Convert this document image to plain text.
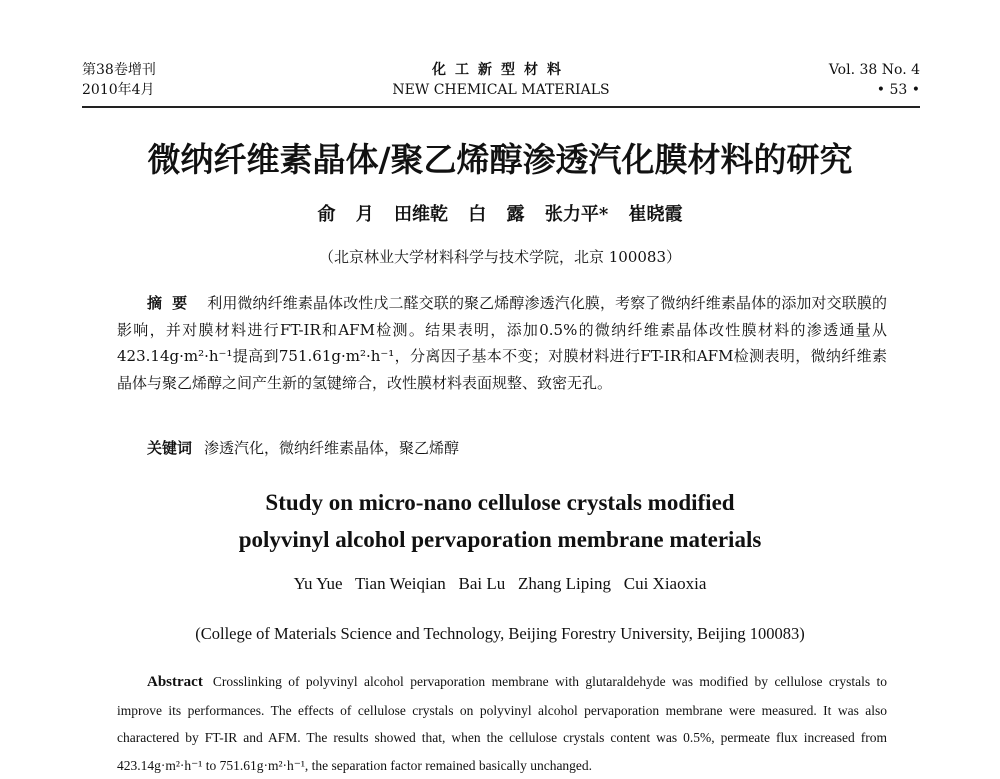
第38卷增刊
2010年4月
化工新型材料
NEW CHEMICAL MATERIALS
Vol. 38 No. 4
• 53 •
微纳纤维素晶体/聚乙烯醇渗透汽化膜材料的研究
俞 月 田维乾 白 露 张力平* 崔晓霞
（北京林业大学材料科学与技术学院，北京 100083）
摘要 利用微纳纤维素晶体改性戊二醛交联的聚乙烯醇渗透汽化膜，考察了微纳纤维素晶体的添加对交联膜的影响，并对膜材料进行FT-IR和AFM检测。结果表明，添加0.5%的微纳纤维素晶体改性膜材料的渗透通量从423.14g·m²·h⁻¹提高到751.61g·m²·h⁻¹，分离因子基本不变；对膜材料进行FT-IR和AFM检测表明，微纳纤维素晶体与聚乙烯醇之间产生新的氢键缔合，改性膜材料表面规整、致密无孔。
关键词 渗透汽化，微纳纤维素晶体，聚乙烯醇
Study on micro-nano cellulose crystals modified
polyvinyl alcohol pervaporation membrane materials
Yu Yue   Tian Weiqian   Bai Lu   Zhang Liping   Cui Xiaoxia
(College of Materials Science and Technology, Beijing Forestry University, Beijing 100083)
Abstract Crosslinking of polyvinyl alcohol pervaporation membrane with glutaraldehyde was modified by cellulose crystals to improve its performances. The effects of cellulose crystals on polyvinyl alcohol pervaporation membrane were measured. It was also charactered by FT-IR and AFM. The results showed that, when the cellulose crystals content was 0.5%, permeate flux increased from 423.14g·m²·h⁻¹ to 751.61g·m²·h⁻¹, the separation factor remained basically unchanged.
